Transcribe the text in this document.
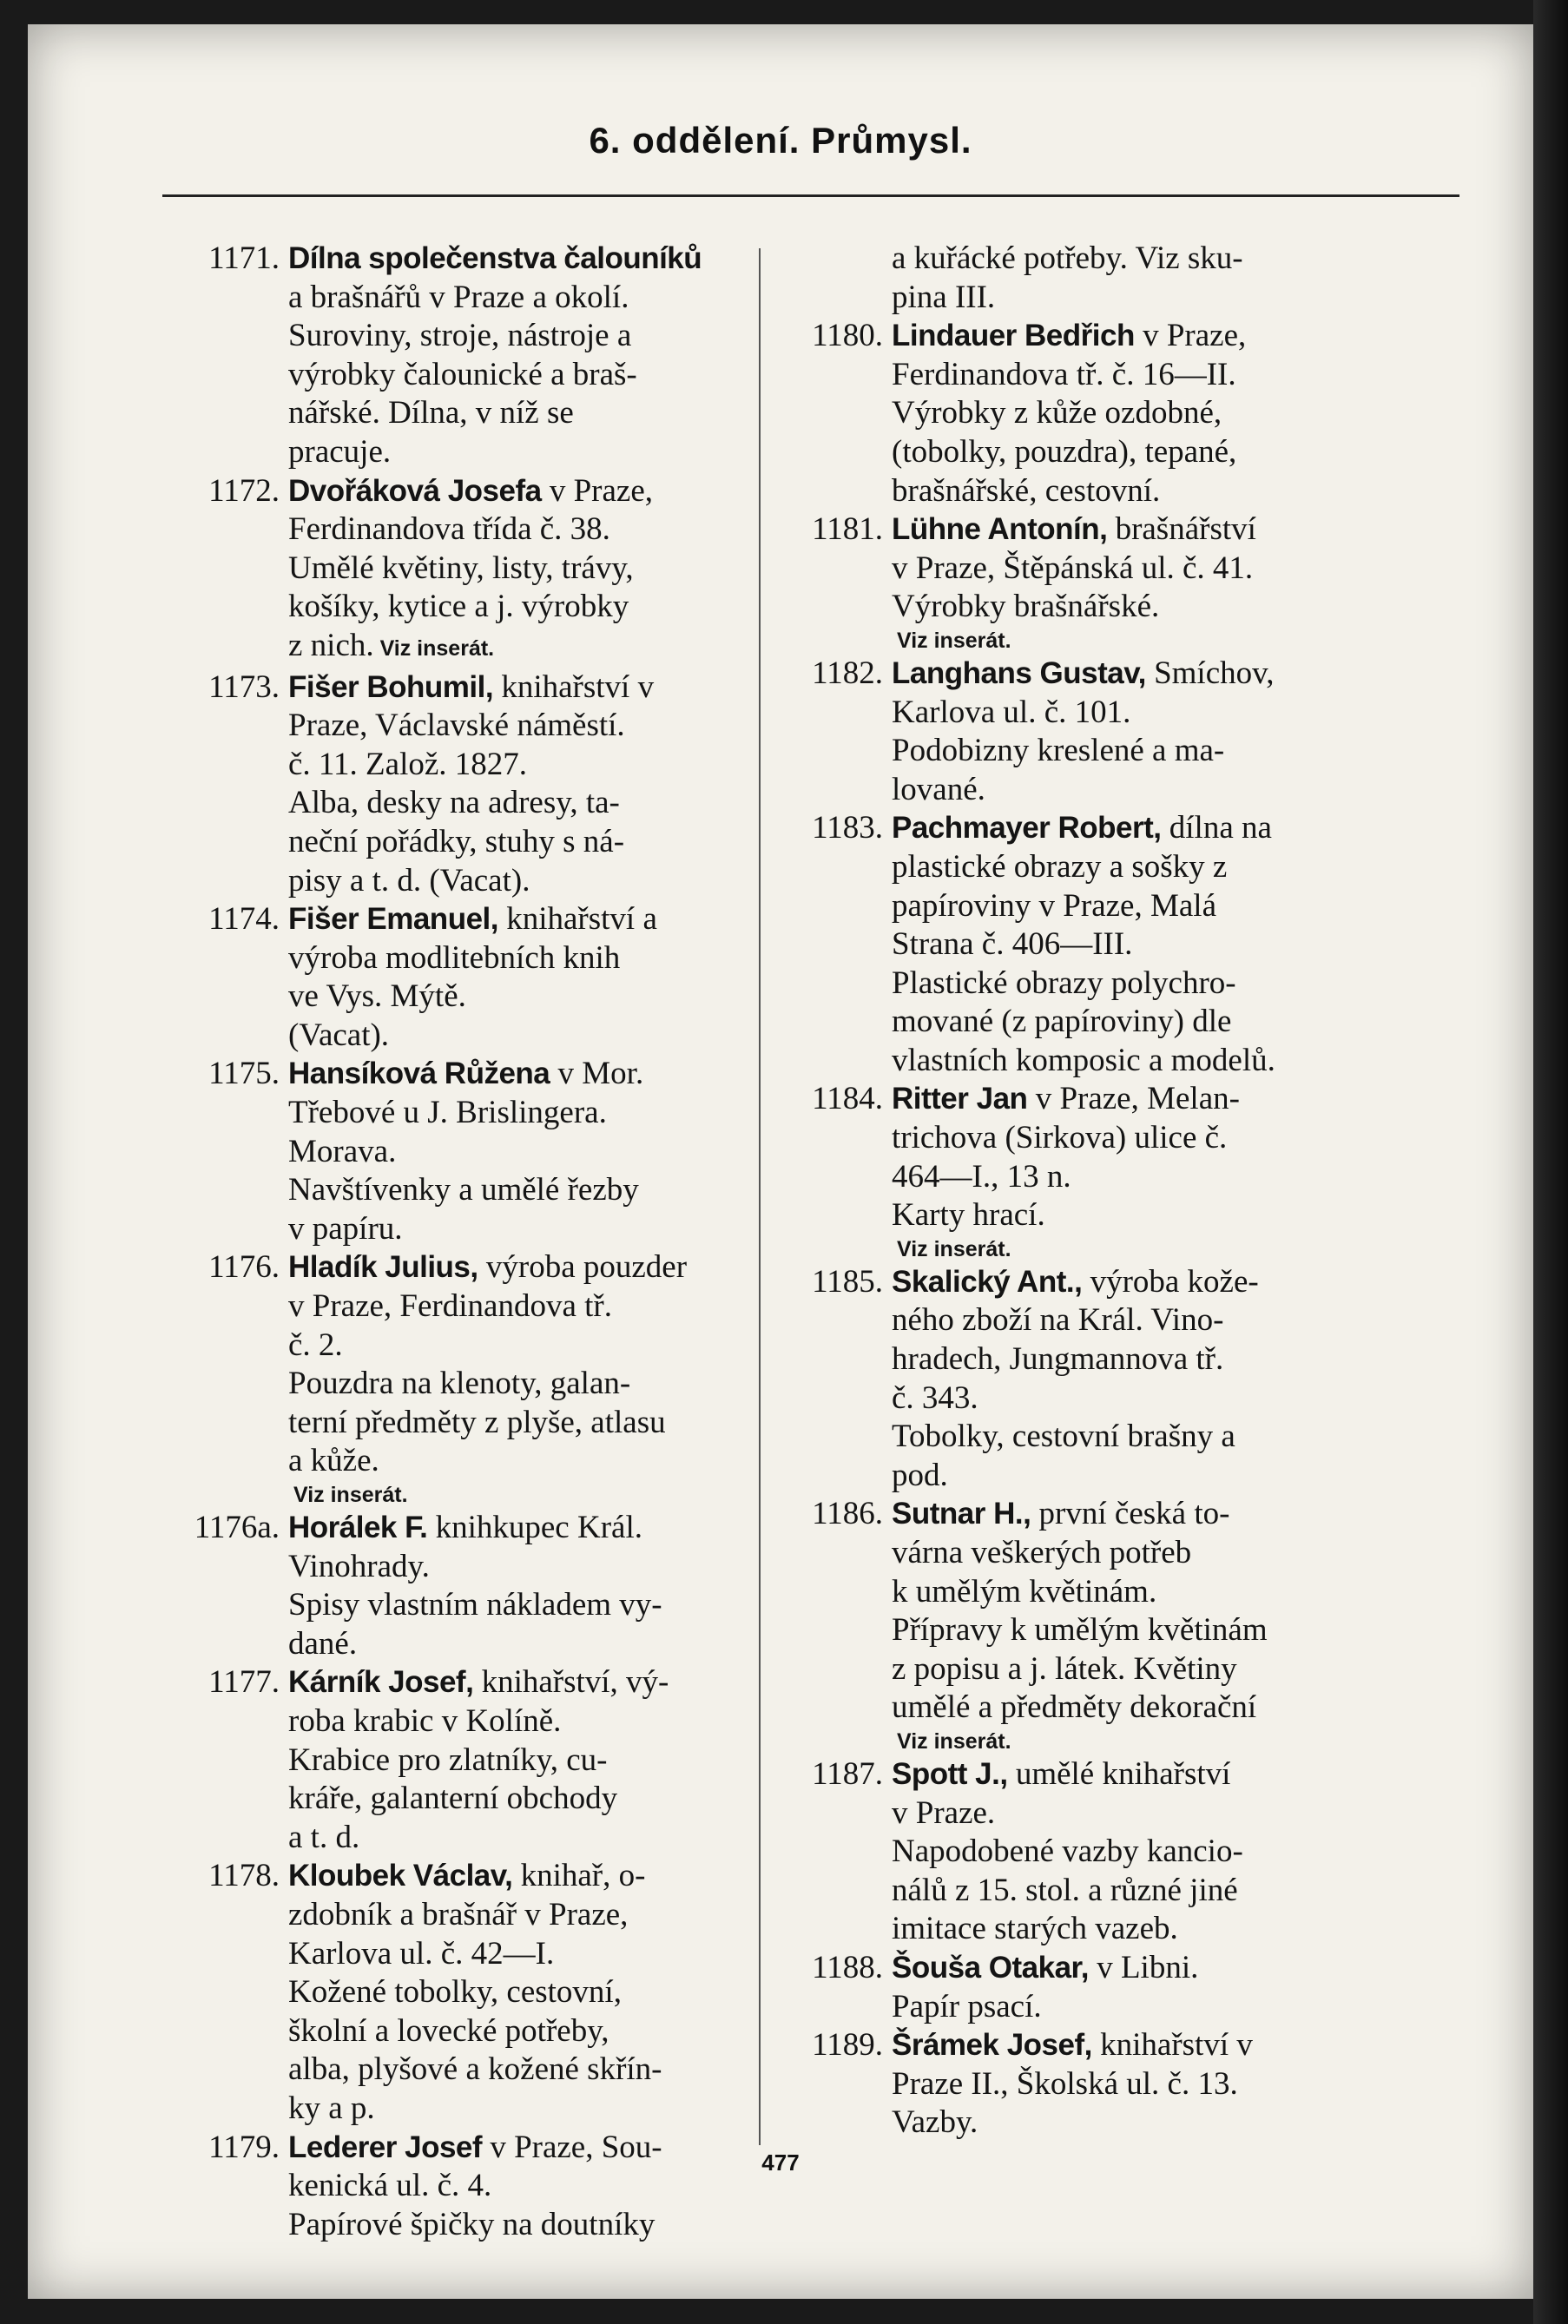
6. oddělení. Průmysl.
1171. Dílna společenstva čalouníků
a brašnářů v Praze a okolí.
Suroviny, stroje, nástroje a
výrobky čalounické a braš-
nářské. Dílna, v níž se
pracuje.
1172. Dvořáková Josefa v Praze,
Ferdinandova třída č. 38.
Umělé květiny, listy, trávy,
košíky, kytice a j. výrobky
z nich. Viz inserát.
1173. Fišer Bohumil, knihařství v
Praze, Václavské náměstí.
č. 11. Založ. 1827.
Alba, desky na adresy, ta-
neční pořádky, stuhy s ná-
pisy a t. d. (Vacat).
1174. Fišer Emanuel, knihařství a
výroba modlitebních knih
ve Vys. Mýtě.
(Vacat).
1175. Hansíková Růžena v Mor.
Třebové u J. Brislingera.
Morava.
Navštívenky a umělé řezby
v papíru.
1176. Hladík Julius, výroba pouzder
v Praze, Ferdinandova tř.
č. 2.
Pouzdra na klenoty, galan-
terní předměty z plyše, atlasu
a kůže.
Viz inserát.
1176a. Horálek F. knihkupec Král.
Vinohrady.
Spisy vlastním nákladem vy-
dané.
1177. Kárník Josef, knihařství, vý-
roba krabic v Kolíně.
Krabice pro zlatníky, cu-
kráře, galanterní obchody
a t. d.
1178. Kloubek Václav, knihař, o-
zdobník a brašnář v Praze,
Karlova ul. č. 42—I.
Kožené tobolky, cestovní,
školní a lovecké potřeby,
alba, plyšové a kožené skřín-
ky a p.
1179. Lederer Josef v Praze, Sou-
kenická ul. č. 4.
Papírové špičky na doutníky
a kuřácké potřeby. Viz sku-
pina III.
1180. Lindauer Bedřich v Praze,
Ferdinandova tř. č. 16—II.
Výrobky z kůže ozdobné,
(tobolky, pouzdra), tepané,
brašnářské, cestovní.
1181. Lühne Antonín, brašnářství
v Praze, Štěpánská ul. č. 41.
Výrobky brašnářské.
Viz inserát.
1182. Langhans Gustav, Smíchov,
Karlova ul. č. 101.
Podobizny kreslené a ma-
lované.
1183. Pachmayer Robert, dílna na
plastické obrazy a sošky z
papíroviny v Praze, Malá
Strana č. 406—III.
Plastické obrazy polychro-
mované (z papíroviny) dle
vlastních komposic a modelů.
1184. Ritter Jan v Praze, Melan-
trichova (Sirkova) ulice č.
464—I., 13 n.
Karty hrací.
Viz inserát.
1185. Skalický Ant., výroba kože-
ného zboží na Král. Vino-
hradech, Jungmannova tř.
č. 343.
Tobolky, cestovní brašny a
pod.
1186. Sutnar H., první česká to-
várna veškerých potřeb
k umělým květinám.
Přípravy k umělým květinám
z popisu a j. látek. Květiny
umělé a předměty dekorační
Viz inserát.
1187. Spott J., umělé knihařství
v Praze.
Napodobené vazby kancio-
nálů z 15. stol. a různé jiné
imitace starých vazeb.
1188. Šouša Otakar, v Libni.
Papír psací.
1189. Šrámek Josef, knihařství v
Praze II., Školská ul. č. 13.
Vazby.
477
